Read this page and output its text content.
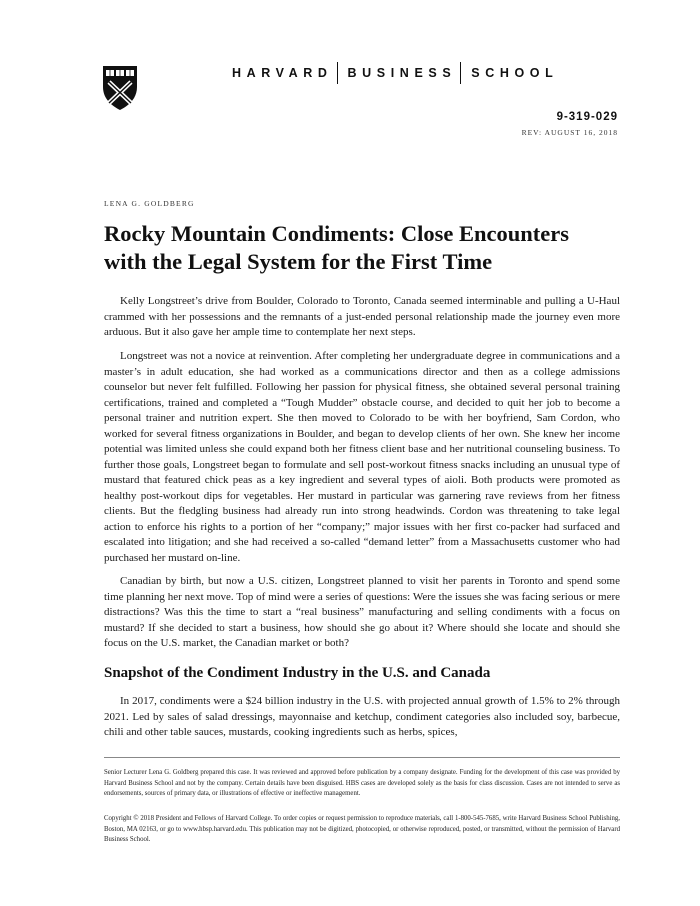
HARVARD BUSINESS SCHOOL
9-319-029
REV: AUGUST 16, 2018
LENA G. GOLDBERG
Rocky Mountain Condiments: Close Encounters
with the Legal System for the First Time

Kelly Longstreet’s drive from Boulder, Colorado to Toronto, Canada seemed interminable and pulling a U-Haul crammed with her possessions and the remnants of a just-ended personal relationship made the journey even more arduous. But it also gave her ample time to contemplate her next steps.

Longstreet was not a novice at reinvention. After completing her undergraduate degree in communications and a master’s in adult education, she had worked as a communications director and then as a college admissions counselor but never felt fulfilled. Following her passion for physical fitness, she obtained several personal training certifications, trained and completed a “Tough Mudder” obstacle course, and decided to quit her job to become a personal trainer and nutrition expert. She then moved to Colorado to be with her boyfriend, Sam Cordon, who worked for several fitness organizations in Boulder, and began to develop clients of her own. She knew her income potential was limited unless she could expand both her fitness client base and her nutritional counseling business. To further those goals, Longstreet began to formulate and sell post-workout fitness snacks including an unusual type of mustard that featured chick peas as a key ingredient and several types of aioli. Both products were promoted as healthy post-workout dips for vegetables. Her mustard in particular was garnering rave reviews from her fitness clients. But the fledgling business had already run into strong headwinds. Cordon was threatening to take legal action to enforce his rights to a portion of her “company;” major issues with her first co-packer had surfaced and escalated into litigation; and she had received a so-called “demand letter” from a Massachusetts customer who had purchased her mustard on-line.

Canadian by birth, but now a U.S. citizen, Longstreet planned to visit her parents in Toronto and spend some time planning her next move. Top of mind were a series of questions: Were the issues she was facing serious or mere distractions? Was this the time to start a “real business” manufacturing and selling condiments with a focus on mustard? If she decided to start a business, how should she go about it? Where should she locate and should she focus on the U.S. market, the Canadian market or both?

Snapshot of the Condiment Industry in the U.S. and Canada

In 2017, condiments were a $24 billion industry in the U.S. with projected annual growth of 1.5% to 2% through 2021. Led by sales of salad dressings, mayonnaise and ketchup, condiment categories also included soy, barbecue, chili and other table sauces, mustards, cooking ingredients such as herbs, spices,

Senior Lecturer Lena G. Goldberg prepared this case. It was reviewed and approved before publication by a company designate. Funding for the development of this case was provided by Harvard Business School and not by the company. Certain details have been disguised. HBS cases are developed solely as the basis for class discussion. Cases are not intended to serve as endorsements, sources of primary data, or illustrations of effective or ineffective management.

Copyright © 2018 President and Fellows of Harvard College. To order copies or request permission to reproduce materials, call 1-800-545-7685, write Harvard Business School Publishing, Boston, MA 02163, or go to www.hbsp.harvard.edu. This publication may not be digitized, photocopied, or otherwise reproduced, posted, or transmitted, without the permission of Harvard Business School.
